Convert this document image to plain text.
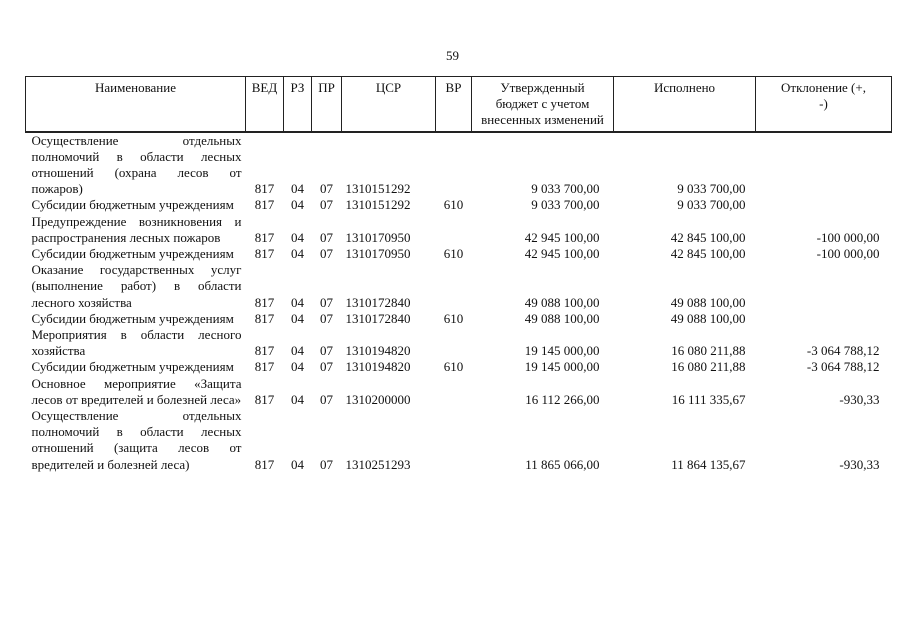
59
Наименование	ВЕД	РЗ	ПР	ЦСР	ВР	Утвержденный бюджет с учетом внесенных изменений	Исполнено	Отклонение (+, -)
Осуществление отдельных полномочий в области лесных отношений (охрана лесов от пожаров)	817	04	07	1310151292		9 033 700,00	9 033 700,00	
Субсидии бюджетным учреждениям	817	04	07	1310151292	610	9 033 700,00	9 033 700,00	
Предупреждение возникновения и распространения лесных пожаров	817	04	07	1310170950		42 945 100,00	42 845 100,00	-100 000,00
Субсидии бюджетным учреждениям	817	04	07	1310170950	610	42 945 100,00	42 845 100,00	-100 000,00
Оказание государственных услуг (выполнение работ) в области лесного хозяйства	817	04	07	1310172840		49 088 100,00	49 088 100,00	
Субсидии бюджетным учреждениям	817	04	07	1310172840	610	49 088 100,00	49 088 100,00	
Мероприятия в области лесного хозяйства	817	04	07	1310194820		19 145 000,00	16 080 211,88	-3 064 788,12
Субсидии бюджетным учреждениям	817	04	07	1310194820	610	19 145 000,00	16 080 211,88	-3 064 788,12
Основное мероприятие «Защита лесов от вредителей и болезней леса»	817	04	07	1310200000		16 112 266,00	16 111 335,67	-930,33
Осуществление отдельных полномочий в области лесных отношений (защита лесов от вредителей и болезней леса)	817	04	07	1310251293		11 865 066,00	11 864 135,67	-930,33
